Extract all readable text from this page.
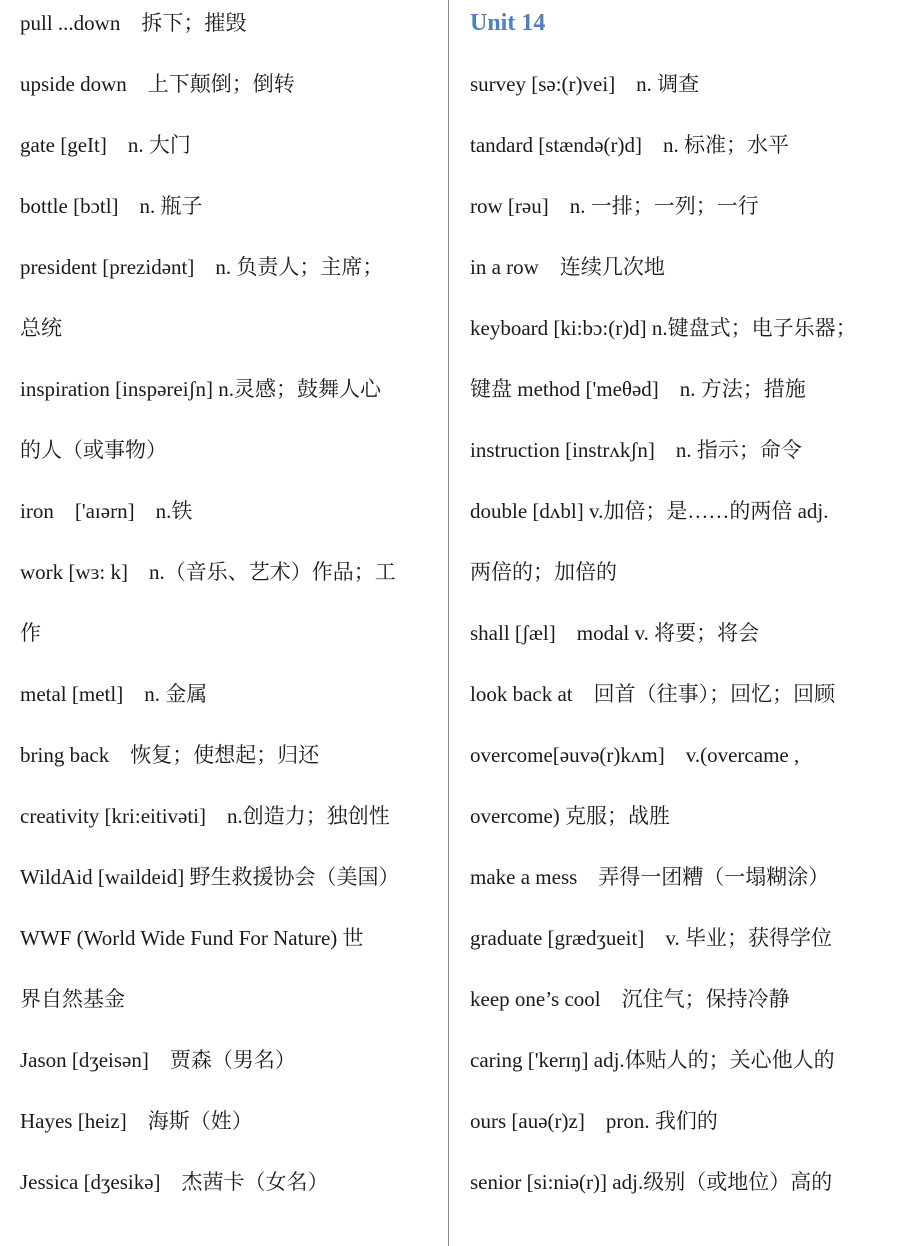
pull ...down　拆下；摧毁
upside down　上下颠倒；倒转
gate [geIt]　n. 大门
bottle [bɔtl]　n. 瓶子
president [prezidənt]　n. 负责人；主席；
总统
inspiration [inspəreiʃn] n.灵感；鼓舞人心
的人（或事物）
iron　['aɪərn]　n.铁
work [wɜ: k]　n.（音乐、艺术）作品；工
作
metal [metl]　n. 金属
bring back　恢复；使想起；归还
creativity [kri:eitivəti]　n.创造力；独创性
WildAid [waildeid] 野生救援协会（美国）
WWF (World Wide Fund For Nature) 世
界自然基金
Jason [dʒeisən]　贾森（男名）
Hayes [heiz]　海斯（姓）
Jessica [dʒesikə]　杰茜卡（女名）
Unit 14
survey [sə:(r)vei]　n. 调查
tandard [stændə(r)d]　n. 标准；水平
row [rəu]　n. 一排；一列；一行
in a row　连续几次地
keyboard [ki:bɔ:(r)d] n.键盘式；电子乐器；
键盘 method ['meθəd]　n. 方法；措施
instruction [instrʌkʃn]　n. 指示；命令
double [dʌbl] v.加倍；是……的两倍 adj.
两倍的；加倍的
shall [ʃæl]　modal v. 将要；将会
look back at　回首（往事）；回忆；回顾
overcome[əuvə(r)kʌm]　v.(overcame ,
overcome) 克服；战胜
make a mess　弄得一团糟（一塌糊涂）
graduate [grædʒueit]　v. 毕业；获得学位
keep one’s cool　沉住气；保持冷静
caring ['kerɪŋ] adj.体贴人的；关心他人的
ours [auə(r)z]　pron. 我们的
senior [si:niə(r)] adj.级别（或地位）高的
